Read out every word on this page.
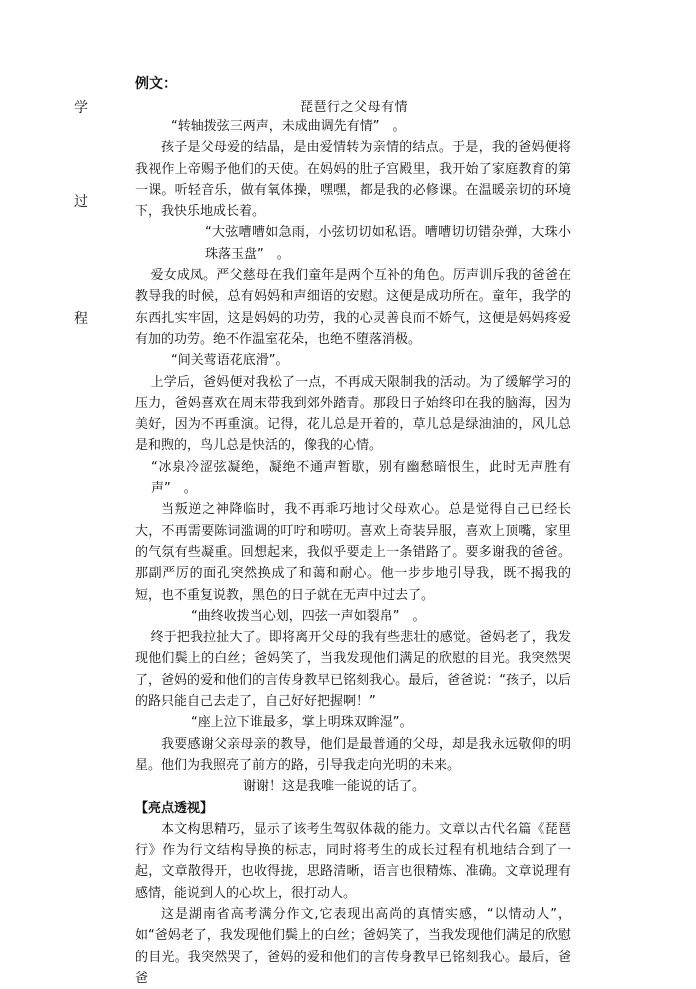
学
过
程
例文：
琵琶行之父母有情

“转轴拨弦三两声，未成曲调先有情”　。

孩子是父母爱的结晶，是由爱情转为亲情的结点。于是，我的爸妈便将我视作上帝赐予他们的天使。在妈妈的肚子宫殿里，我开始了家庭教育的第一课。听轻音乐，做有氧体操，嘿嘿，都是我的必修课。在温暖亲切的环境下，我快乐地成长着。

“大弦嘈嘈如急雨，小弦切切如私语。嘈嘈切切错杂弹，大珠小珠落玉盘”　。

爱女成凤。严父慈母在我们童年是两个互补的角色。厉声训斥我的爸爸在教导我的时候，总有妈妈和声细语的安慰。这便是成功所在。童年，我学的东西扎实牢固，这是妈妈的功劳，我的心灵善良而不娇气，这便是妈妈疼爱有加的功劳。绝不作温室花朵，也绝不堕落消极。

“间关莺语花底滑”。

上学后，爸妈便对我松了一点，不再成天限制我的活动。为了缓解学习的压力，爸妈喜欢在周末带我到郊外踏青。那段日子始终印在我的脑海，因为美好，因为不再重演。记得，花儿总是开着的，草儿总是绿油油的，风儿总是和煦的，鸟儿总是快活的，像我的心情。

“冰泉冷涩弦凝绝，凝绝不通声暂歇，别有幽愁暗恨生，此时无声胜有声”　。

当叛逆之神降临时，我不再乖巧地讨父母欢心。总是觉得自己已经长大，不再需要陈词滥调的叮咛和唠叨。喜欢上奇装异服，喜欢上顶嘴，家里的气氛有些凝重。回想起来，我似乎要走上一条错路了。要多谢我的爸爸。那副严厉的面孔突然换成了和蔼和耐心。他一步步地引导我，既不揭我的短，也不重复说教，黑色的日子就在无声中过去了。

“曲终收拨当心划，四弦一声如裂帛”　。

终于把我拉扯大了。即将离开父母的我有些悲壮的感觉。爸妈老了，我发现他们鬓上的白丝；爸妈笑了，当我发现他们满足的欣慰的目光。我突然哭了，爸妈的爱和他们的言传身教早已铭刻我心。最后，爸爸说：“孩子，以后的路只能自己去走了，自己好好把握啊！”

“座上泣下谁最多，掌上明珠双眸湿”。

我要感谢父亲母亲的教导，他们是最普通的父母，却是我永远敬仰的明星。他们为我照亮了前方的路，引导我走向光明的未来。

谢谢！这是我唯一能说的话了。

【亮点透视】

本文构思精巧，显示了该考生驾驭体裁的能力。文章以古代名篇《琵琶行》作为行文结构导换的标志，同时将考生的成长过程有机地结合到了一起，文章散得开，也收得拢，思路清晰，语言也很精炼、准确。文章说理有感情，能说到人的心坎上，很打动人。

这是湖南省高考满分作文,它表现出高尚的真情实感，“以情动人”，如“爸妈老了，我发现他们鬓上的白丝；爸妈笑了，当我发现他们满足的欣慰的目光。我突然哭了，爸妈的爱和他们的言传身教早已铭刻我心。最后，爸爸
